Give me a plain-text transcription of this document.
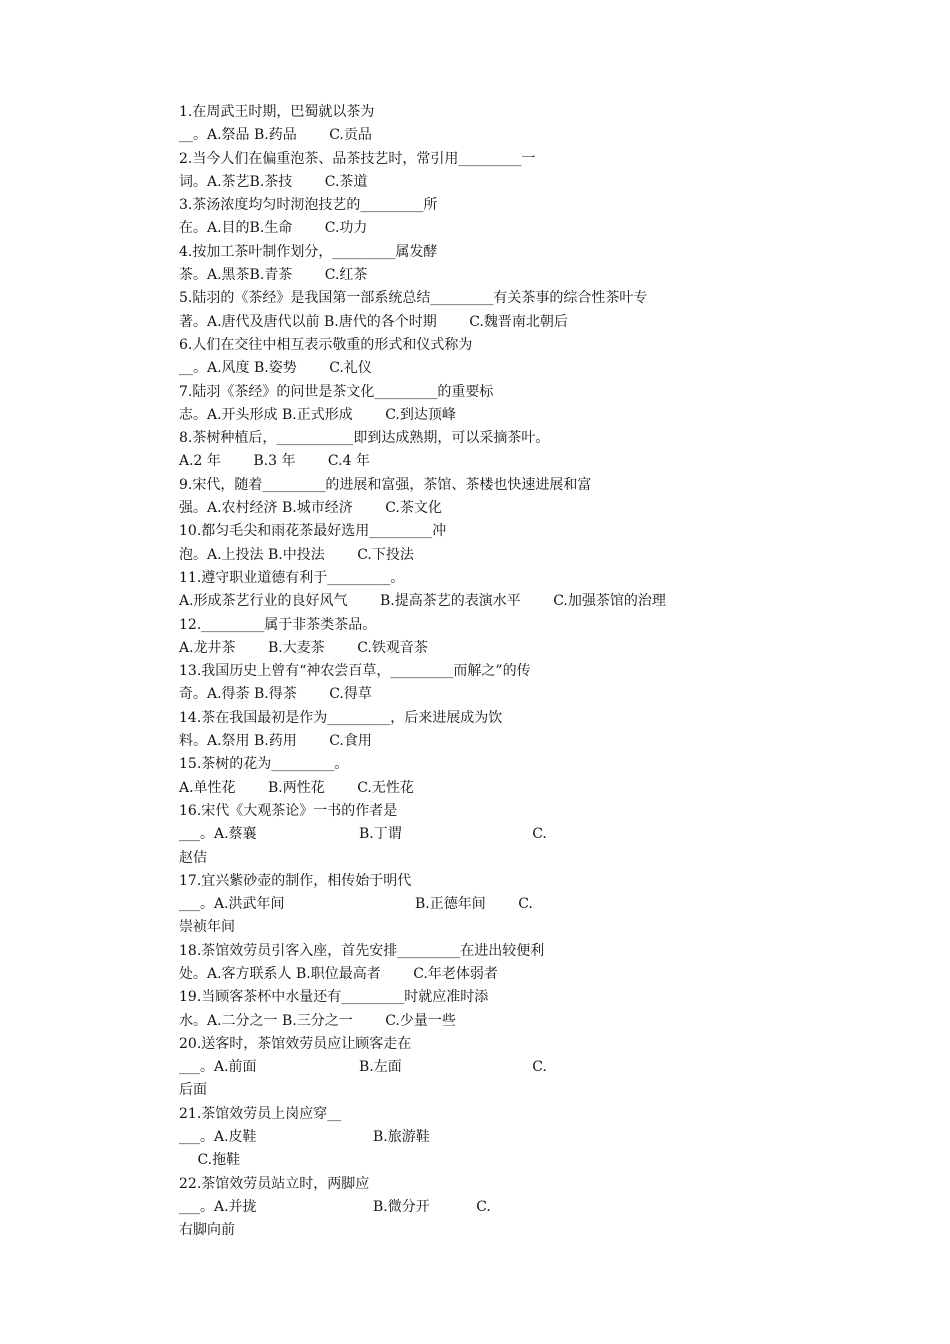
1.在周武王时期，巴蜀就以茶为
__。A.祭品 B.药品　　 C.贡品
2.当今人们在偏重泡茶、品茶技艺时，常引用_________一
词。A.茶艺B.茶技　　 C.茶道
3.茶汤浓度均匀时沏泡技艺的_________所
在。A.目的B.生命　　 C.功力
4.按加工茶叶制作划分，_________属发酵
茶。A.黑茶B.青茶　　 C.红茶
5.陆羽的《茶经》是我国第一部系统总结_________有关茶事的综合性茶叶专
著。A.唐代及唐代以前 B.唐代的各个时期　　 C.魏晋南北朝后
6.人们在交往中相互表示敬重的形式和仪式称为
__。A.风度 B.姿势　　 C.礼仪
7.陆羽《茶经》的问世是茶文化_________的重要标
志。A.开头形成 B.正式形成　　 C.到达顶峰
8.茶树种植后，___________即到达成熟期，可以采摘茶叶。
A.2 年　　 B.3 年　　 C.4 年
9.宋代，随着_________的进展和富强，茶馆、茶楼也快速进展和富
强。A.农村经济 B.城市经济　　 C.茶文化
10.都匀毛尖和雨花茶最好选用_________冲
泡。A.上投法 B.中投法　　 C.下投法
11.遵守职业道德有利于_________。
A.形成茶艺行业的良好风气　　 B.提高茶艺的表演水平　　 C.加强茶馆的治理
12._________属于非茶类茶品。
A.龙井茶　　 B.大麦茶　　 C.铁观音茶
13.我国历史上曾有“神农尝百草，_________而解之”的传
奇。A.得荼 B.得茶　　 C.得草
14.茶在我国最初是作为_________，后来进展成为饮
料。A.祭用 B.药用　　 C.食用
15.茶树的花为_________。
A.单性花　　 B.两性花　　 C.无性花
16.宋代《大观茶论》一书的作者是
___。A.蔡襄　　　　　　　 B.丁谓　　　　　　　　　 C.
赵佶
17.宜兴紫砂壶的制作，相传始于明代
___。A.洪武年间　　　　　　　　　 B.正德年间　　 C.
崇祯年间
18.茶馆效劳员引客入座，首先安排_________在进出较便利
处。A.客方联系人 B.职位最高者　　 C.年老体弱者
19.当顾客茶杯中水量还有_________时就应准时添
水。A.二分之一 B.三分之一　　 C.少量一些
20.送客时，茶馆效劳员应让顾客走在
___。A.前面　　　　　　　 B.左面　　　　　　　　　 C.
后面
21.茶馆效劳员上岗应穿__
___。A.皮鞋　　　　　　　　 B.旅游鞋
　 C.拖鞋
22.茶馆效劳员站立时，两脚应
___。A.并拢　　　　　　　　 B.微分开　　　 C.
右脚向前
